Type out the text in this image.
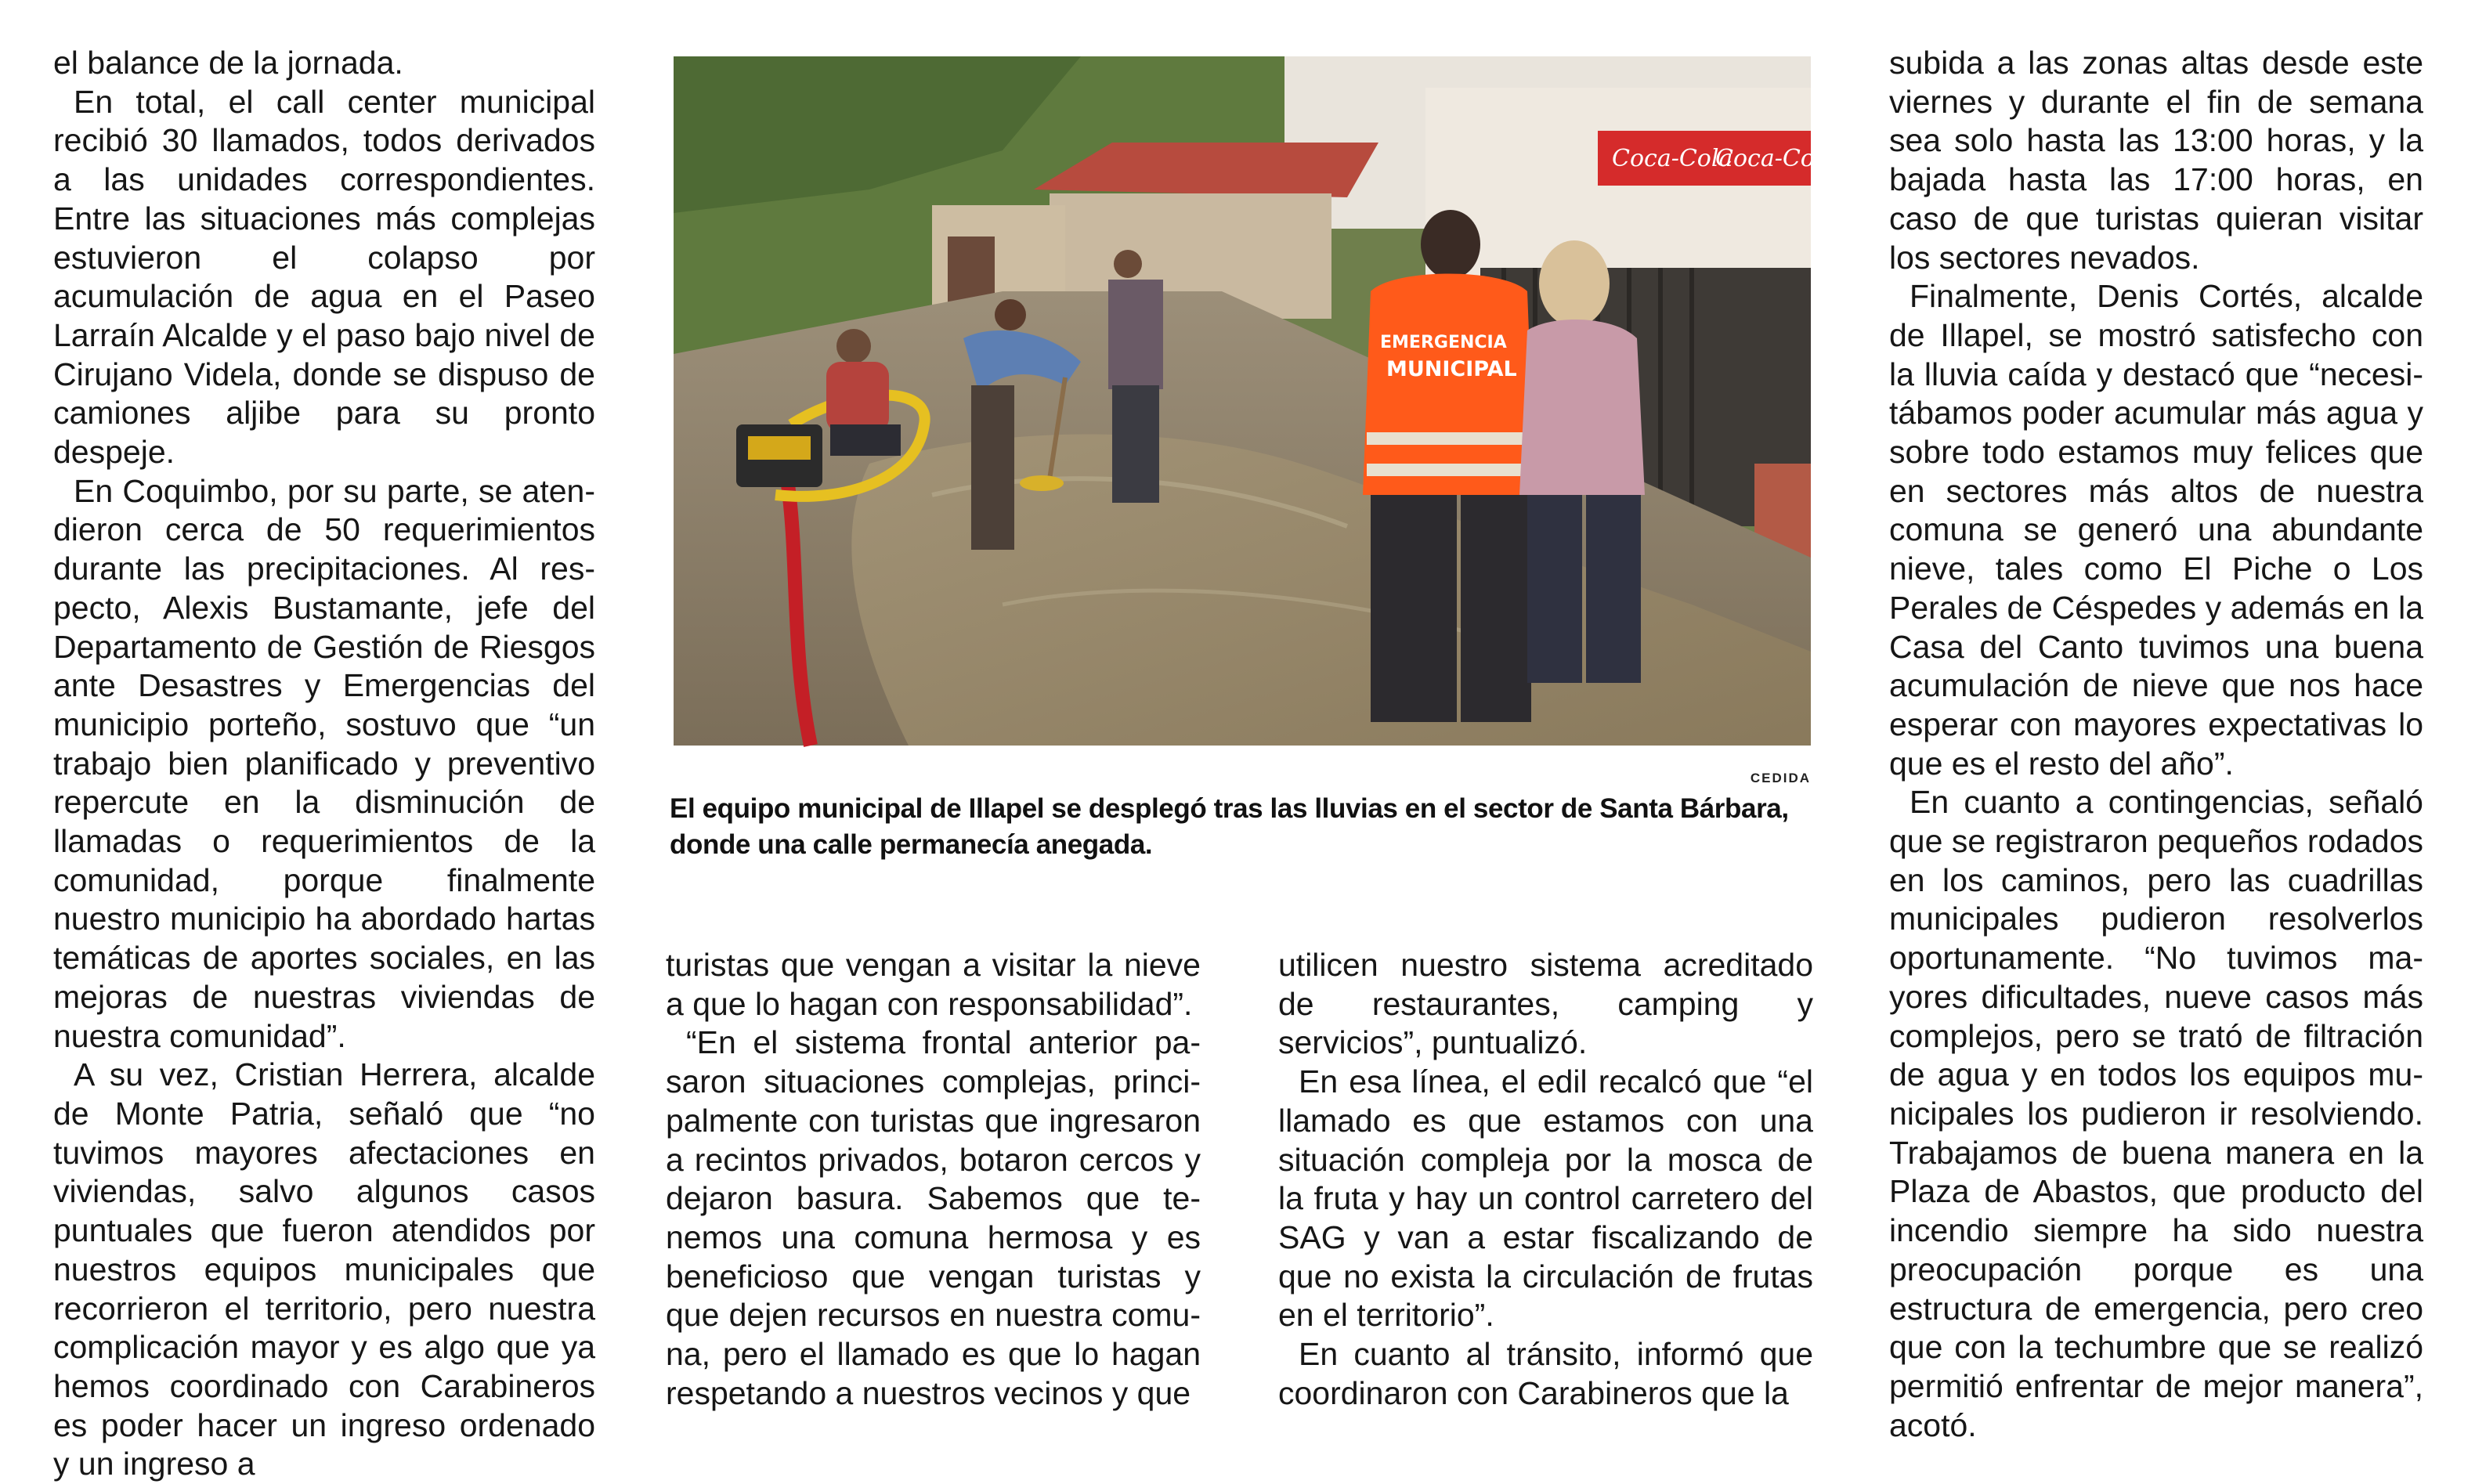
el balance de la jornada.

En total, el call center municipal recibió 30 llamados, todos derivados a las unidades correspondientes. Entre las situaciones más complejas estuvieron el colapso por acumulación de agua en el Paseo Larraín Alcalde y el paso bajo nivel de Cirujano Videla, donde se dispuso de camiones aljibe para su pronto despeje.

En Coquimbo, por su parte, se atendieron cerca de 50 requerimientos durante las precipitaciones. Al respecto, Alexis Bustamante, jefe del Departamento de Gestión de Riesgos ante Desastres y Emergencias del municipio porteño, sostuvo que “un trabajo bien planificado y preventivo repercute en la disminución de llamadas o requerimientos de la comunidad, porque finalmente nuestro municipio ha abordado hartas temáticas de aportes sociales, en las mejoras de nuestras viviendas de nuestra comunidad”.

A su vez, Cristian Herrera, alcalde de Monte Patria, señaló que “no tuvimos mayores afectaciones en viviendas, salvo algunos casos puntuales que fueron atendidos por nuestros equipos municipales que recorrieron el territorio, pero nuestra complicación mayor y es algo que ya hemos coordinado con Carabineros es poder hacer un ingreso ordenado y un ingreso a

Coca-Cola
Coca-Cola
EMERGENCIA
MUNICIPAL
CEDIDA

El equipo municipal de Illapel se desplegó tras las lluvias en el sector de Santa Bárbara, donde una calle permanecía anegada.

turistas que vengan a visitar la nieve a que lo hagan con responsabilidad”.

“En el sistema frontal anterior pasaron situaciones complejas, principalmente con turistas que ingresaron a recintos privados, botaron cercos y dejaron basura. Sabemos que tenemos una comuna hermosa y es beneficioso que vengan turistas y que dejen recursos en nuestra comuna, pero el llamado es que lo hagan respetando a nuestros vecinos y que

utilicen nuestro sistema acreditado de restaurantes, camping y servicios”, puntualizó.

En esa línea, el edil recalcó que “el llamado es que estamos con una situación compleja por la mosca de la fruta y hay un control carretero del SAG y van a estar fiscalizando de que no exista la circulación de frutas en el territorio”.

En cuanto al tránsito, informó que coordinaron con Carabineros que la

subida a las zonas altas desde este viernes y durante el fin de semana sea solo hasta las 13:00 horas, y la bajada hasta las 17:00 horas, en caso de que turistas quieran visitar los sectores nevados.

Finalmente, Denis Cortés, alcalde de Illapel, se mostró satisfecho con la lluvia caída y destacó que “necesitábamos poder acumular más agua y sobre todo estamos muy felices que en sectores más altos de nuestra comuna se generó una abundante nieve, tales como El Piche o Los Perales de Céspedes y además en la Casa del Canto tuvimos una buena acumulación de nieve que nos hace esperar con mayores expectativas lo que es el resto del año”.

En cuanto a contingencias, señaló que se registraron pequeños rodados en los caminos, pero las cuadrillas municipales pudieron resolverlos oportunamente. “No tuvimos mayores dificultades, nueve casos más complejos, pero se trató de filtración de agua y en todos los equipos municipales los pudieron ir resolviendo. Trabajamos de buena manera en la Plaza de Abastos, que producto del incendio siempre ha sido nuestra preocupación porque es una estructura de emergencia, pero creo que con la techumbre que se realizó permitió enfrentar de mejor manera”, acotó.
